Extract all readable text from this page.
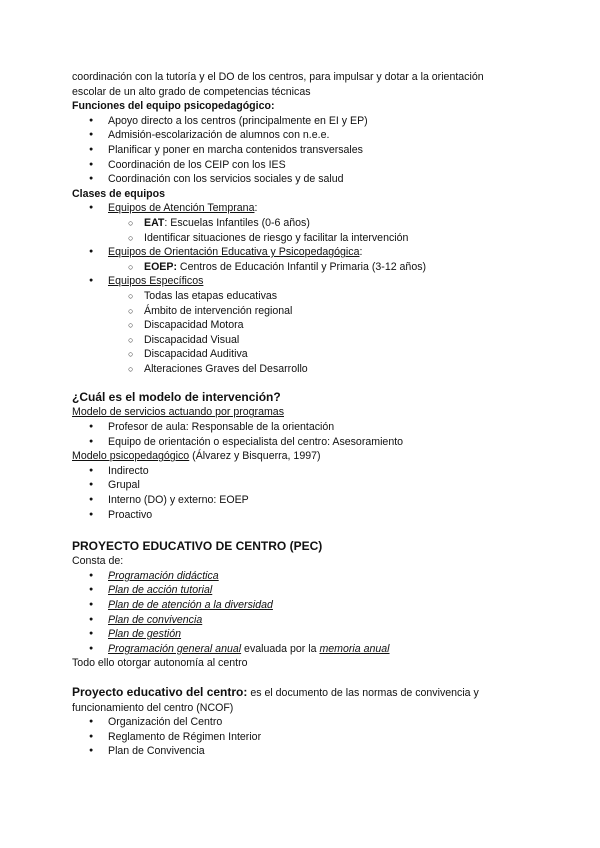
coordinación con la tutoría y el DO de los centros, para impulsar y dotar a la orientación

escolar de un alto grado de competencias técnicas

Funciones del equipo psicopedagógico:

● Apoyo directo a los centros (principalmente en EI y EP)
● Admisión-escolarización de alumnos con n.e.e.
● Planificar y poner en marcha contenidos transversales
● Coordinación de los CEIP con los IES
● Coordinación con los servicios sociales y de salud

Clases de equipos

● Equipos de Atención Temprana:
○ EAT: Escuelas Infantiles (0-6 años)
○ Identificar situaciones de riesgo y facilitar la intervención
● Equipos de Orientación Educativa y Psicopedagógica:
○ EOEP: Centros de Educación Infantil y Primaria (3-12 años)
● Equipos Específicos
○ Todas las etapas educativas
○ Ámbito de intervención regional
○ Discapacidad Motora
○ Discapacidad Visual
○ Discapacidad Auditiva
○ Alteraciones Graves del Desarrollo
¿Cuál es el modelo de intervención?

Modelo de servicios actuando por programas

● Profesor de aula: Responsable de la orientación
● Equipo de orientación o especialista del centro: Asesoramiento

Modelo psicopedagógico (Álvarez y Bisquerra, 1997)

● Indirecto
● Grupal
● Interno (DO) y externo: EOEP
● Proactivo
PROYECTO EDUCATIVO DE CENTRO (PEC)

Consta de:

● Programación didáctica
● Plan de acción tutorial
● Plan de de atención a la diversidad
● Plan de convivencia
● Plan de gestión
● Programación general anual evaluada por la memoria anual

Todo ello otorgar autonomía al centro

Proyecto educativo del centro: es el documento de las normas de convivencia y

funcionamiento del centro (NCOF)

● Organización del Centro
● Reglamento de Régimen Interior
● Plan de Convivencia
